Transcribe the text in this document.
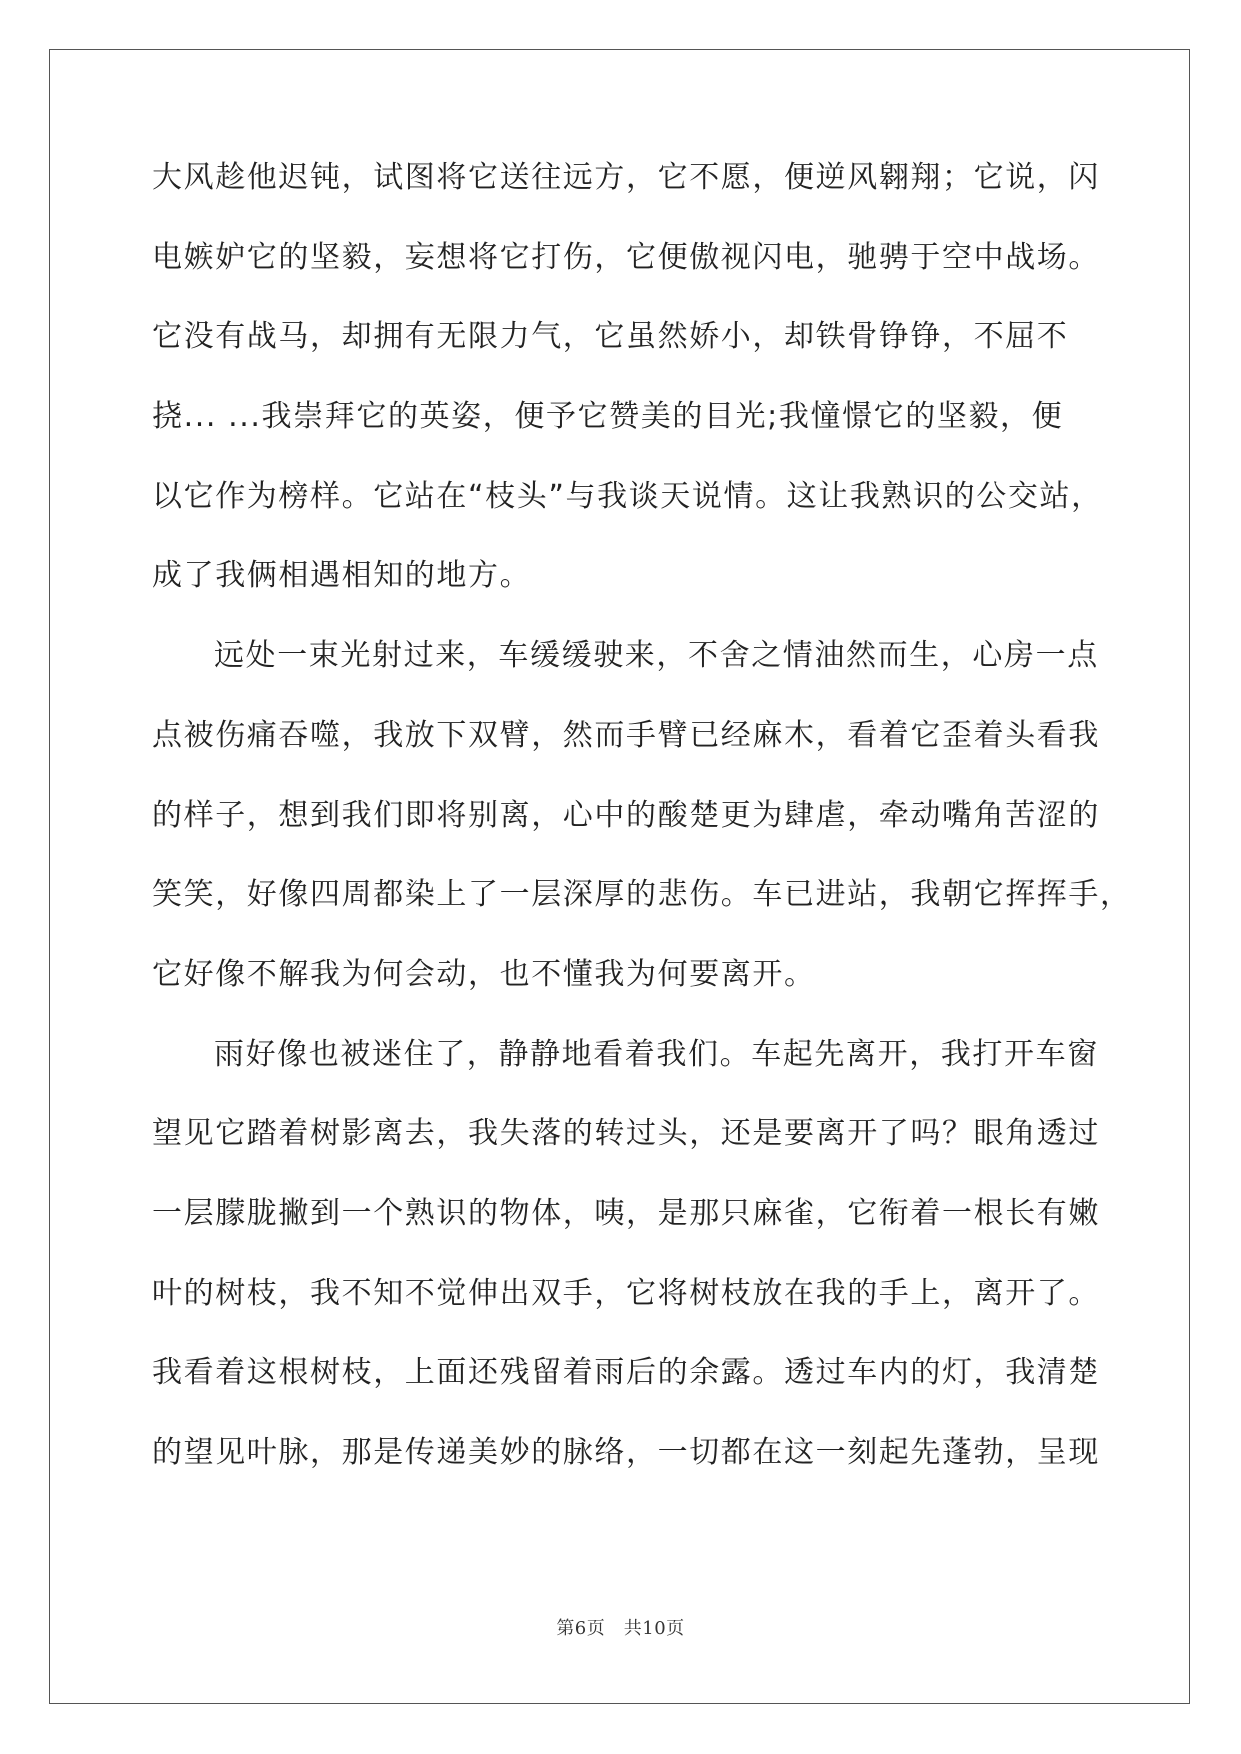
大风趁他迟钝，试图将它送往远方，它不愿，便逆风翱翔；它说，闪
电嫉妒它的坚毅，妄想将它打伤，它便傲视闪电，驰骋于空中战场。
它没有战马，却拥有无限力气，它虽然娇小，却铁骨铮铮，不屈不
挠... ...我崇拜它的英姿，便予它赞美的目光;我憧憬它的坚毅，便
以它作为榜样。它站在“枝头”与我谈天说情。这让我熟识的公交站，
成了我俩相遇相知的地方。
远处一束光射过来，车缓缓驶来，不舍之情油然而生，心房一点
点被伤痛吞噬，我放下双臂，然而手臂已经麻木，看着它歪着头看我
的样子，想到我们即将别离，心中的酸楚更为肆虐，牵动嘴角苦涩的
笑笑，好像四周都染上了一层深厚的悲伤。车已进站，我朝它挥挥手，
它好像不解我为何会动，也不懂我为何要离开。
雨好像也被迷住了，静静地看着我们。车起先离开，我打开车窗
望见它踏着树影离去，我失落的转过头，还是要离开了吗？眼角透过
一层朦胧撇到一个熟识的物体，咦，是那只麻雀，它衔着一根长有嫩
叶的树枝，我不知不觉伸出双手，它将树枝放在我的手上，离开了。
我看着这根树枝，上面还残留着雨后的余露。透过车内的灯，我清楚
的望见叶脉，那是传递美妙的脉络，一切都在这一刻起先蓬勃，呈现
第6页　共10页
